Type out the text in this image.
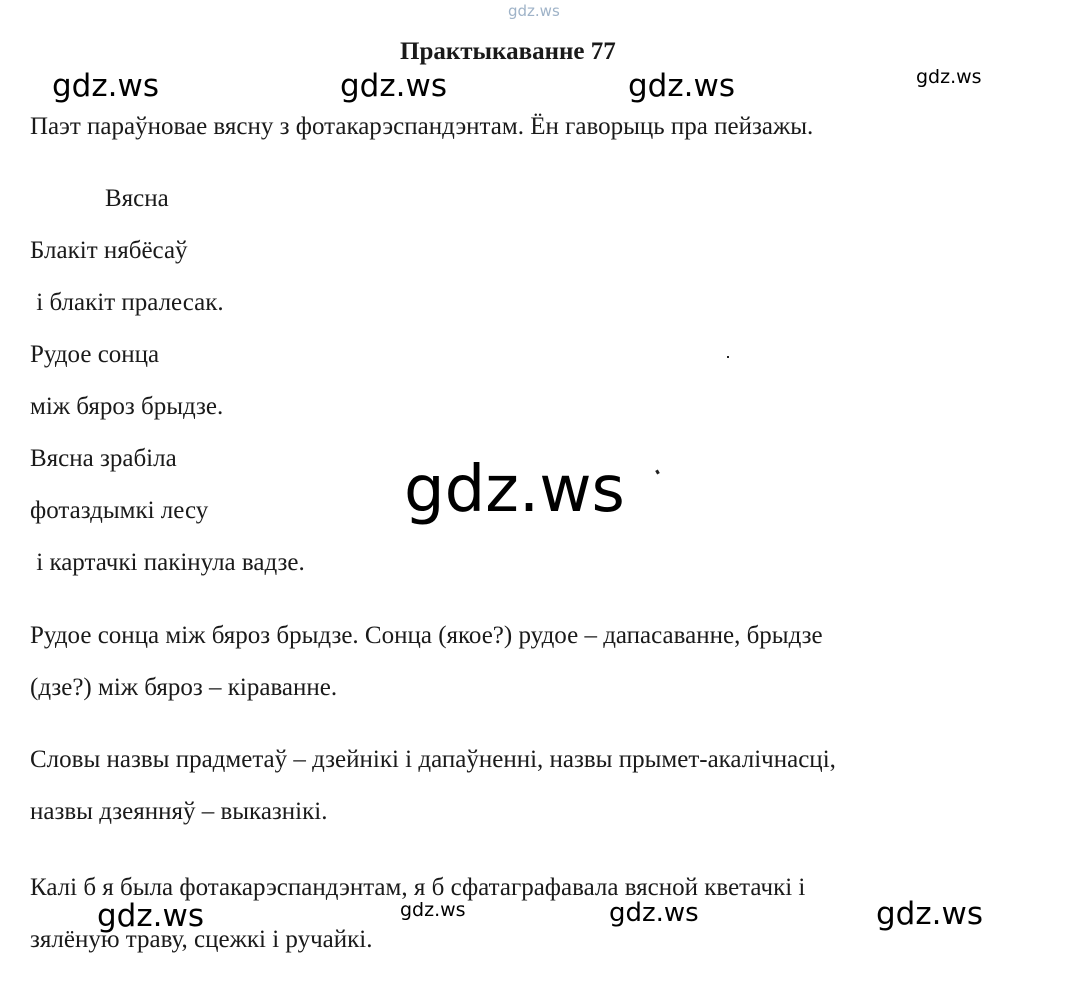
gdz.ws
Практыкаванне 77
gdz.ws	gdz.ws	gdz.ws	gdz.ws
Паэт параўновае вясну з фотакарэспандэнтам. Ён гаворыць пра пейзажы.
Вясна
Блакіт нябёсаў
і блакіт пралесак.
Рудое сонца
між бяроз брыдзе.
Вясна зрабіла
фотаздымкі лесу
і картачкі пакінула вадзе.
gdz.ws
Рудое сонца між бяроз брыдзе. Сонца (якое?) рудое – дапасаванне, брыдзе
(дзе?) між бяроз – кіраванне.
Словы назвы прадметаў – дзейнікі і дапаўненні, назвы прымет-акалічнасці,
назвы дзеянняў – выказнікі.
Калі б я была фотакарэспандэнтам, я б сфатаграфавала вясной кветачкі і
зялёную траву, сцежкі і ручайкі.
gdz.ws	gdz.ws	gdz.ws	gdz.ws
